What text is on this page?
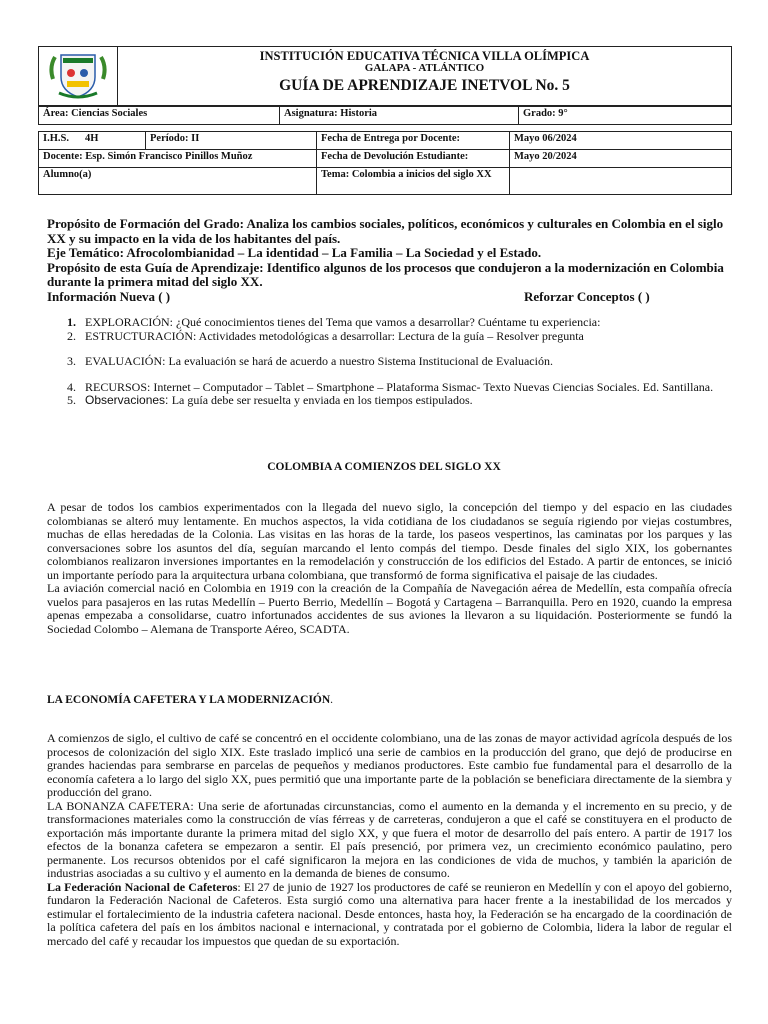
INSTITUCIÓN EDUCATIVA TÉCNICA VILLA OLÍMPICA
GALAPA - ATLÁNTICO
GUÍA DE APRENDIZAJE INETVOL No. 5
Área: Ciencias Sociales	Asignatura: Historia	Grado: 9°
I.H.S.	4H	Período: II	Fecha de Entrega por Docente:	Mayo 06/2024
Docente: Esp. Simón Francisco Pinillos Muñoz			Fecha de Devolución Estudiante:	Mayo 20/2024
Alumno(a)			Tema: Colombia a inicios del siglo XX	
Propósito de Formación del Grado: Analiza los cambios sociales, políticos, económicos y culturales en Colombia en el siglo XX y su impacto en la vida de los habitantes del país.
Eje Temático: Afrocolombianidad – La identidad – La Familia – La Sociedad y el Estado.
Propósito de esta Guía de Aprendizaje: Identifico algunos de los procesos que condujeron a la modernización en Colombia durante la primera mitad del siglo XX.
Información Nueva ( )	Reforzar Conceptos ( )
1. EXPLORACIÓN: ¿Qué conocimientos tienes del Tema que vamos a desarrollar? Cuéntame tu experiencia:
2. ESTRUCTURACIÓN: Actividades metodológicas a desarrollar: Lectura de la guía – Resolver pregunta
3. EVALUACIÓN: La evaluación se hará de acuerdo a nuestro Sistema Institucional de Evaluación.
4. RECURSOS: Internet – Computador – Tablet – Smartphone – Plataforma Sismac- Texto Nuevas Ciencias Sociales. Ed. Santillana.
5. Observaciones: La guía debe ser resuelta y enviada en los tiempos estipulados.
COLOMBIA A COMIENZOS DEL SIGLO XX
A pesar de todos los cambios experimentados con la llegada del nuevo siglo, la concepción del tiempo y del espacio en las ciudades colombianas se alteró muy lentamente. En muchos aspectos, la vida cotidiana de los ciudadanos se seguía rigiendo por viejas costumbres, muchas de ellas heredadas de la Colonia. Las visitas en las horas de la tarde, los paseos vespertinos, las caminatas por los parques y las conversaciones sobre los asuntos del día, seguían marcando el lento compás del tiempo. Desde finales del siglo XIX, los gobernantes colombianos realizaron inversiones importantes en la remodelación y construcción de los edificios del Estado. A partir de entonces, se inició un importante período para la arquitectura urbana colombiana, que transformó de forma significativa el paisaje de las ciudades.
La aviación comercial nació en Colombia en 1919 con la creación de la Compañía de Navegación aérea de Medellín, esta compañía ofrecía vuelos para pasajeros en las rutas Medellín – Puerto Berrio, Medellín – Bogotá y Cartagena – Barranquilla. Pero en 1920, cuando la empresa apenas empezaba a consolidarse, cuatro infortunados accidentes de sus aviones la llevaron a su liquidación. Posteriormente se fundó la Sociedad Colombo – Alemana de Transporte Aéreo, SCADTA.
LA ECONOMÍA CAFETERA Y LA MODERNIZACIÓN.
A comienzos de siglo, el cultivo de café se concentró en el occidente colombiano, una de las zonas de mayor actividad agrícola después de los procesos de colonización del siglo XIX. Este traslado implicó una serie de cambios en la producción del grano, que dejó de producirse en grandes haciendas para sembrarse en parcelas de pequeños y medianos productores. Este cambio fue fundamental para el desarrollo de la economía cafetera a lo largo del siglo XX, pues permitió que una importante parte de la población se beneficiara directamente de la siembra y producción del grano.
LA BONANZA CAFETERA: Una serie de afortunadas circunstancias, como el aumento en la demanda y el incremento en su precio, y de transformaciones materiales como la construcción de vías férreas y de carreteras, condujeron a que el café se constituyera en el producto de exportación más importante durante la primera mitad del siglo XX, y que fuera el motor de desarrollo del país entero. A partir de 1917 los efectos de la bonanza cafetera se empezaron a sentir. El país presenció, por primera vez, un crecimiento económico paulatino, pero permanente. Los recursos obtenidos por el café significaron la mejora en las condiciones de vida de muchos, y también la aparición de industrias asociadas a su cultivo y el aumento en la demanda de bienes de consumo.
La Federación Nacional de Cafeteros: El 27 de junio de 1927 los productores de café se reunieron en Medellín y con el apoyo del gobierno, fundaron la Federación Nacional de Cafeteros. Esta surgió como una alternativa para hacer frente a la inestabilidad de los mercados y estimular el fortalecimiento de la industria cafetera nacional. Desde entonces, hasta hoy, la Federación se ha encargado de la coordinación de la política cafetera del país en los ámbitos nacional e internacional, y contratada por el gobierno de Colombia, lidera la labor de regular el mercado del café y recaudar los impuestos que quedan de su exportación.
